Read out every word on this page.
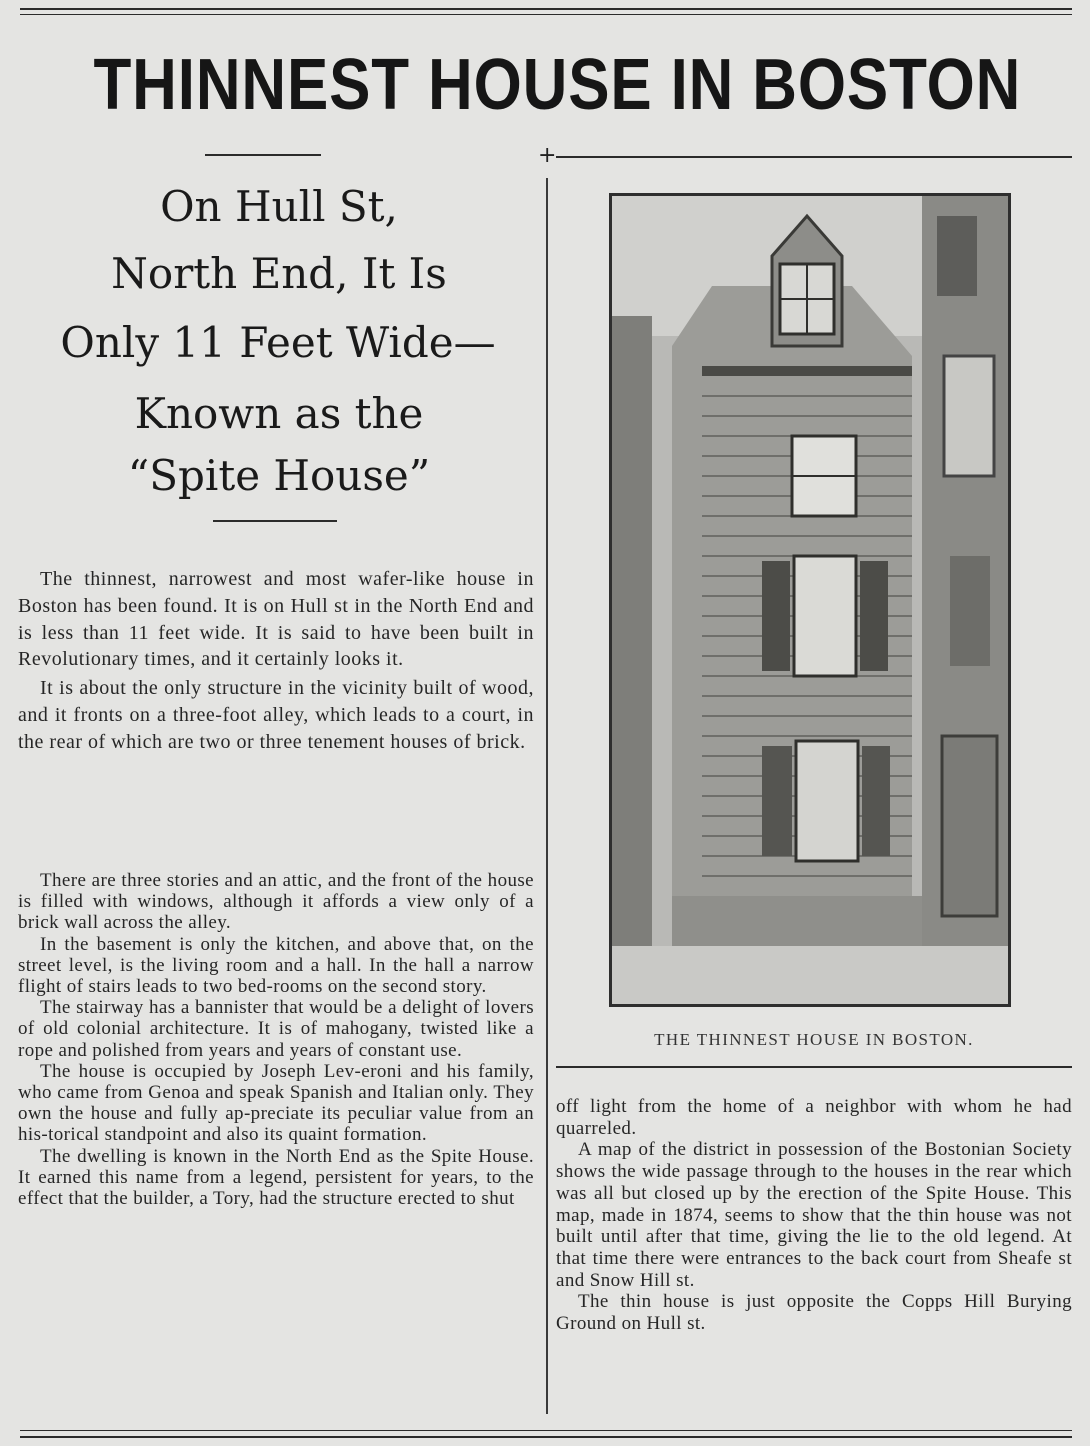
THINNEST HOUSE IN BOSTON
+
On Hull St,
North End, It Is
Only 11 Feet Wide—
Known as the
“Spite House”

The thinnest, narrowest and most wafer-like house in Boston has been found. It is on Hull st in the North End and is less than 11 feet wide. It is said to have been built in Revolutionary times, and it certainly looks it.

It is about the only structure in the vicinity built of wood, and it fronts on a three-foot alley, which leads to a court, in the rear of which are two or three tenement houses of brick.

There are three stories and an attic, and the front of the house is filled with windows, although it affords a view only of a brick wall across the alley.

In the basement is only the kitchen, and above that, on the street level, is the living room and a hall. In the hall a narrow flight of stairs leads to two bed-rooms on the second story.

The stairway has a bannister that would be a delight of lovers of old colonial architecture. It is of mahogany, twisted like a rope and polished from years and years of constant use.

The house is occupied by Joseph Lev-eroni and his family, who came from Genoa and speak Spanish and Italian only. They own the house and fully ap-preciate its peculiar value from an his-torical standpoint and also its quaint formation.

The dwelling is known in the North End as the Spite House. It earned this name from a legend, persistent for years, to the effect that the builder, a Tory, had the structure erected to shut

THE THINNEST HOUSE IN BOSTON.

off light from the home of a neighbor with whom he had quarreled.

A map of the district in possession of the Bostonian Society shows the wide passage through to the houses in the rear which was all but closed up by the erection of the Spite House. This map, made in 1874, seems to show that the thin house was not built until after that time, giving the lie to the old legend. At that time there were entrances to the back court from Sheafe st and Snow Hill st.

The thin house is just opposite the Copps Hill Burying Ground on Hull st.
